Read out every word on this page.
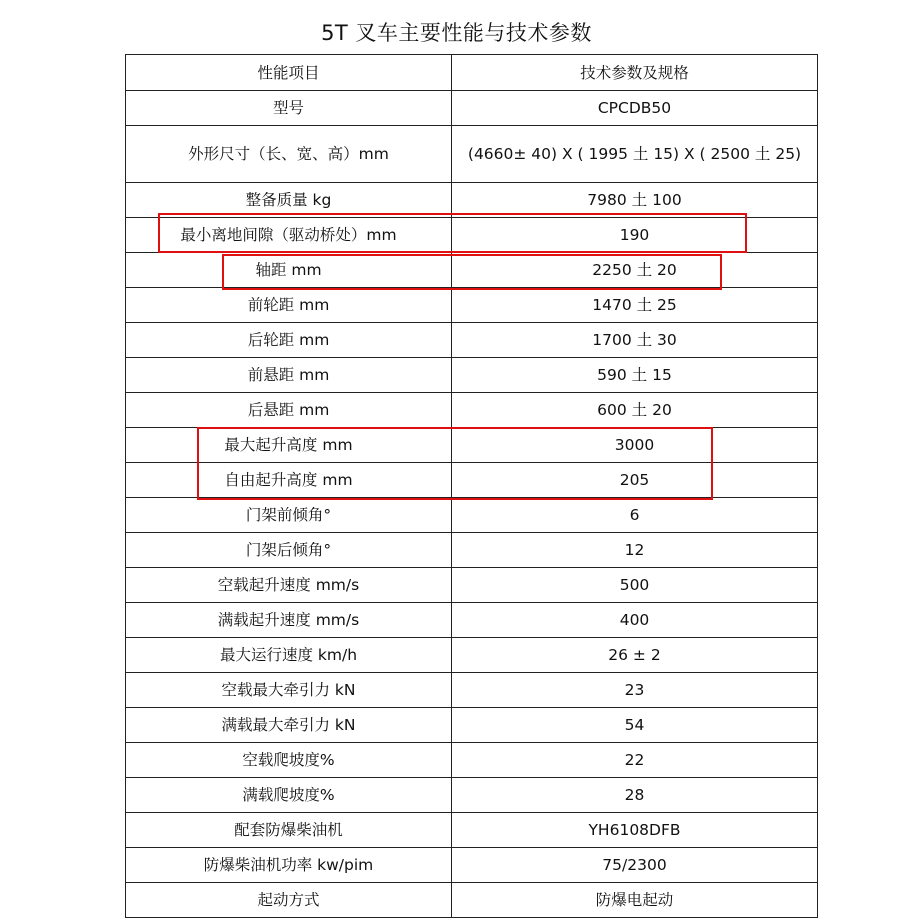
5T 叉车主要性能与技术参数
性能项目	技术参数及规格
型号	CPCDB50
外形尺寸（长、宽、高）mm	(4660± 40) X ( 1995 土 15) X ( 2500 土 25)
整备质量 kg	7980 土 100
最小离地间隙（驱动桥处）mm	190
轴距 mm	2250 土 20
前轮距 mm	1470 土 25
后轮距 mm	1700 土 30
前悬距 mm	590 土 15
后悬距 mm	600 土 20
最大起升高度 mm	3000
自由起升高度 mm	205
门架前倾角°	6
门架后倾角°	12
空载起升速度 mm/s	500
满载起升速度 mm/s	400
最大运行速度 km/h	26 ± 2
空载最大牵引力 kN	23
满载最大牵引力 kN	54
空载爬坡度%	22
满载爬坡度%	28
配套防爆柴油机	YH6108DFB
防爆柴油机功率 kw/pim	75/2300
起动方式	防爆电起动
